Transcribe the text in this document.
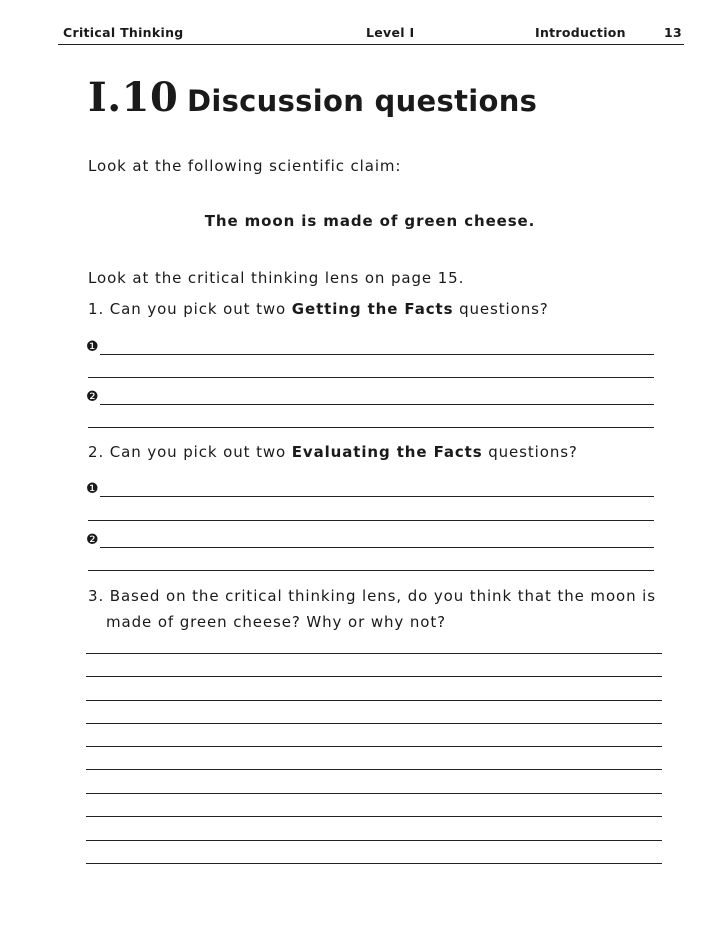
Critical Thinking	Level I	Introduction	13
I.10 Discussion questions
Look at the following scientific claim:
The moon is made of green cheese.
Look at the critical thinking lens on page 15.
1. Can you pick out two Getting the Facts questions?
❶
❷
2. Can you pick out two Evaluating the Facts questions?
❶
❷
3. Based on the critical thinking lens, do you think that the moon is
made of green cheese? Why or why not?
